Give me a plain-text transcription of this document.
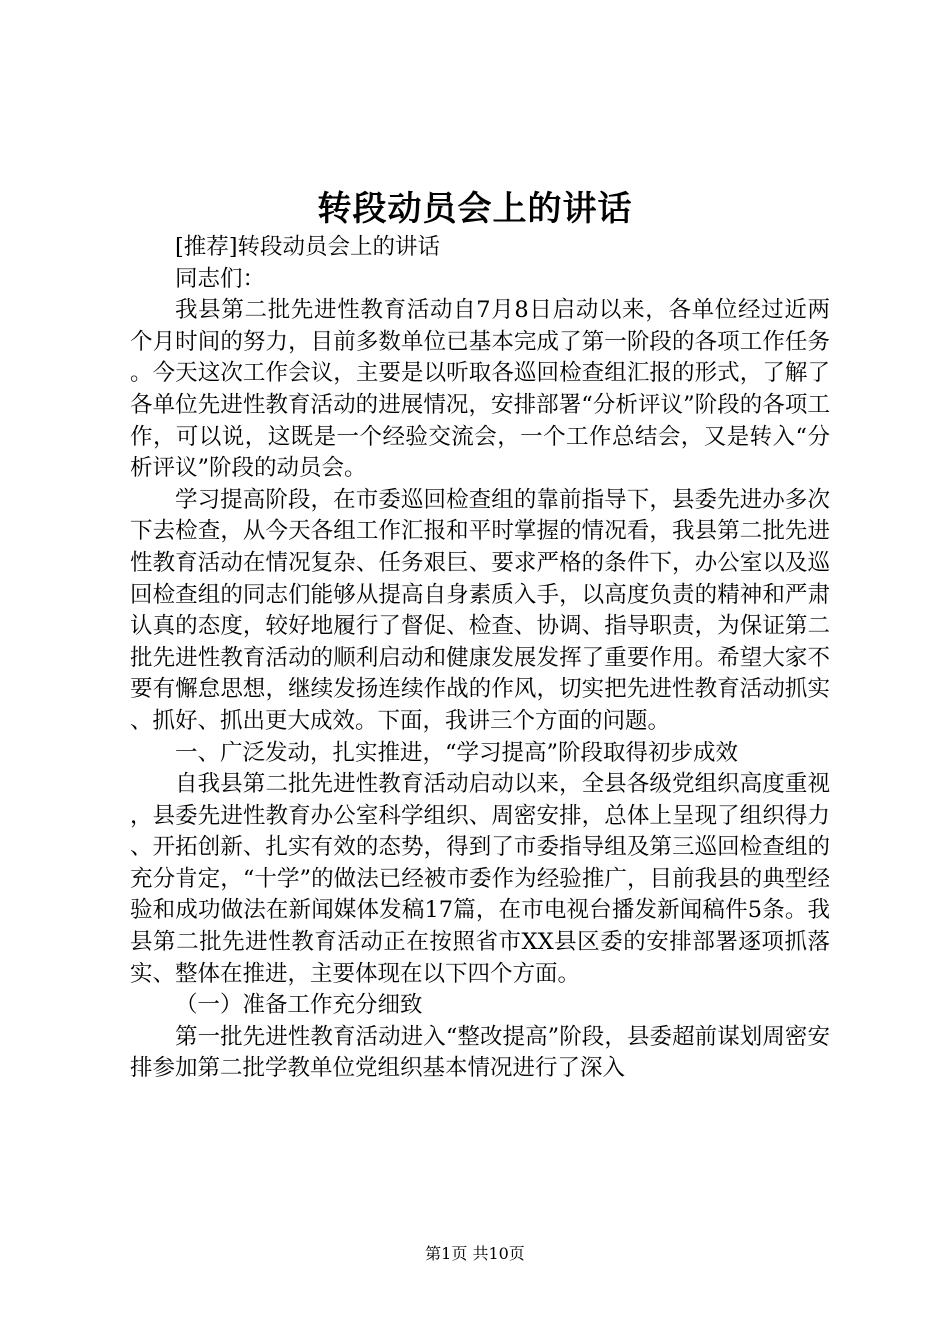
转段动员会上的讲话

[推荐]转段动员会上的讲话

同志们：

我县第二批先进性教育活动自7月8日启动以来，各单位经过近两个月时间的努力，目前多数单位已基本完成了第一阶段的各项工作任务。今天这次工作会议，主要是以听取各巡回检查组汇报的形式，了解了各单位先进性教育活动的进展情况，安排部署“分析评议”阶段的各项工作，可以说，这既是一个经验交流会，一个工作总结会，又是转入“分析评议”阶段的动员会。

学习提高阶段，在市委巡回检查组的靠前指导下，县委先进办多次下去检查，从今天各组工作汇报和平时掌握的情况看，我县第二批先进性教育活动在情况复杂、任务艰巨、要求严格的条件下，办公室以及巡回检查组的同志们能够从提高自身素质入手，以高度负责的精神和严肃认真的态度，较好地履行了督促、检查、协调、指导职责，为保证第二批先进性教育活动的顺利启动和健康发展发挥了重要作用。希望大家不要有懈怠思想，继续发扬连续作战的作风，切实把先进性教育活动抓实、抓好、抓出更大成效。下面，我讲三个方面的问题。

一、广泛发动，扎实推进，“学习提高”阶段取得初步成效

自我县第二批先进性教育活动启动以来，全县各级党组织高度重视，县委先进性教育办公室科学组织、周密安排，总体上呈现了组织得力、开拓创新、扎实有效的态势，得到了市委指导组及第三巡回检查组的充分肯定，“十学”的做法已经被市委作为经验推广，目前我县的典型经验和成功做法在新闻媒体发稿17篇，在市电视台播发新闻稿件5条。我县第二批先进性教育活动正在按照省市XX县区委的安排部署逐项抓落实、整体在推进，主要体现在以下四个方面。

（一）准备工作充分细致

第一批先进性教育活动进入“整改提高”阶段，县委超前谋划周密安排参加第二批学教单位党组织基本情况进行了深入

第1页 共10页
